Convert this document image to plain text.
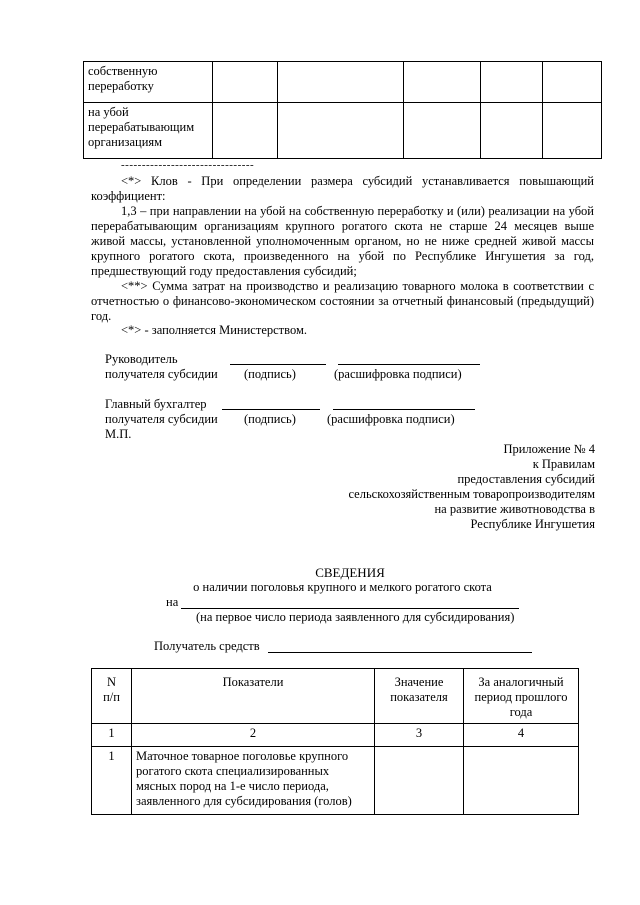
собственную переработку					
на убой перерабатывающим организациям					
--------------------------------
<*> Клов - При определении размера субсидий устанавливается повышающий коэффициент:
1,3 – при направлении на убой на собственную переработку и (или) реализации на убой перерабатывающим организациям крупного рогатого скота не старше 24 месяцев выше живой массы, установленной уполномоченным органом, но не ниже средней живой массы крупного рогатого скота, произведенного на убой по Республике Ингушетия за год, предшествующий году предоставления субсидий;
<**> Сумма затрат на производство и реализацию товарного молока в соответствии с отчетностью о финансово-экономическом состоянии за отчетный финансовый (предыдущий) год.
<*> - заполняется Министерством.
Руководитель
получателя субсидии (подпись)	(расшифровка подписи)
Главный бухгалтер
получателя субсидии (подпись) (расшифровка подписи)
М.П.
Приложение № 4
к Правилам
предоставления субсидий
сельскохозяйственным товаропроизводителям
на развитие животноводства в
Республике Ингушетия
СВЕДЕНИЯ
о наличии поголовья крупного и мелкого рогатого скота
на
(на первое число периода заявленного для субсидирования)
Получатель средств
N п/п	Показатели	Значение показателя	За аналогичный период прошлого года
1	2	3	4
1	Маточное товарное поголовье крупного рогатого скота специализированных мясных пород на 1-е число периода, заявленного для субсидирования (голов)		
